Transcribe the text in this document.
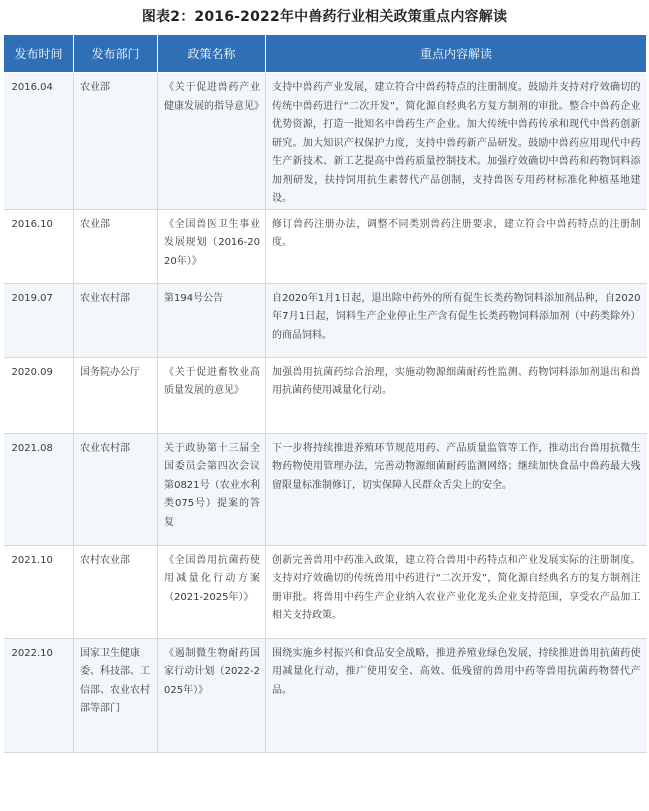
图表2：2016-2022年中兽药行业相关政策重点内容解读
发布时间	发布部门	政策名称	重点内容解读
2016.04	农业部	《关于促进兽药产业健康发展的指导意见》	支持中兽药产业发展，建立符合中兽药特点的注册制度。鼓励并支持对疗效确切的传统中兽药进行“二次开发”，简化源自经典名方复方制剂的审批。整合中兽药企业优势资源，打造一批知名中兽药生产企业。加大传统中兽药传承和现代中兽药创新研究。加大知识产权保护力度，支持中兽药新产品研发。鼓励中兽药应用现代中药生产新技术、新工艺提高中兽药质量控制技术。加强疗效确切中兽药和药物饲料添加剂研发，扶持饲用抗生素替代产品创制，支持兽医专用药材标准化种植基地建设。
2016.10	农业部	《全国兽医卫生事业发展规划（2016-2020年）》	修订兽药注册办法，调整不同类别兽药注册要求，建立符合中兽药特点的注册制度。
2019.07	农业农村部	第194号公告	自2020年1月1日起，退出除中药外的所有促生长类药物饲料添加剂品种，自2020年7月1日起，饲料生产企业停止生产含有促生长类药物饲料添加剂（中药类除外）的商品饲料。
2020.09	国务院办公厅	《关于促进畜牧业高质量发展的意见》	加强兽用抗菌药综合治理，实施动物源细菌耐药性监测、药物饲料添加剂退出和兽用抗菌药使用减量化行动。
2021.08	农业农村部	关于政协第十三届全国委员会第四次会议第0821号（农业水利类075号）提案的答复	下一步将持续推进养殖环节规范用药、产品质量监管等工作，推动出台兽用抗微生物药物使用管理办法，完善动物源细菌耐药监测网络；继续加快食品中兽药最大残留限量标准制修订，切实保障人民群众舌尖上的安全。
2021.10	农村农业部	《全国兽用抗菌药使用减量化行动方案（2021-2025年）》	创新完善兽用中药准入政策，建立符合兽用中药特点和产业发展实际的注册制度。支持对疗效确切的传统兽用中药进行“二次开发”，简化源自经典名方的复方制剂注册审批。将兽用中药生产企业纳入农业产业化龙头企业支持范围，享受农产品加工相关支持政策。
2022.10	国家卫生健康委、科技部、工信部、农业农村部等部门	《遏制微生物耐药国家行动计划（2022-2025年）》	围绕实施乡村振兴和食品安全战略，推进养殖业绿色发展，持续推进兽用抗菌药使用减量化行动，推广使用安全、高效、低残留的兽用中药等兽用抗菌药物替代产品。
